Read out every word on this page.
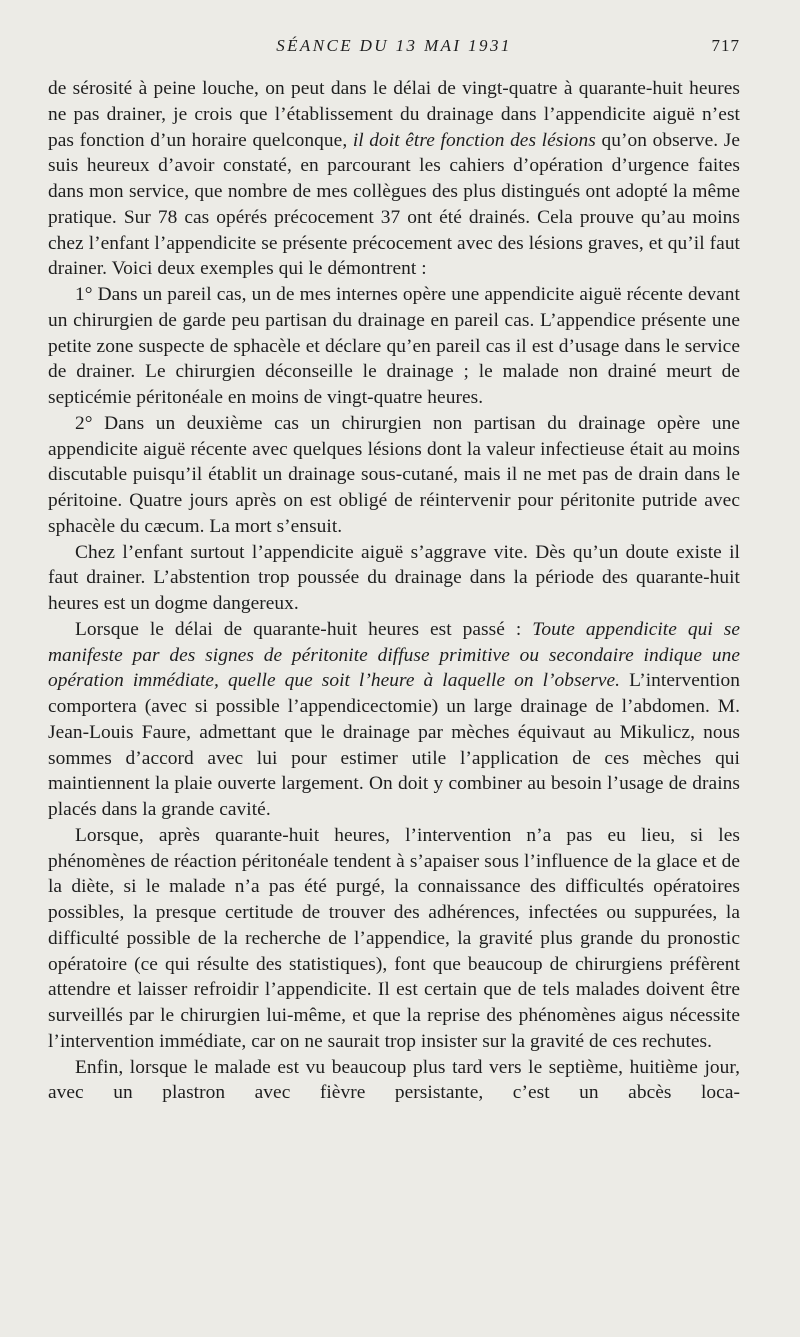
SÉANCE DU 13 MAI 1931	717

de sérosité à peine louche, on peut dans le délai de vingt-quatre à quarante-huit heures ne pas drainer, je crois que l’établissement du drainage dans l’appendicite aiguë n’est pas fonction d’un horaire quelconque, il doit être fonction des lésions qu’on observe. Je suis heureux d’avoir constaté, en parcourant les cahiers d’opération d’urgence faites dans mon service, que nombre de mes collègues des plus distingués ont adopté la même pratique. Sur 78 cas opérés précocement 37 ont été drainés. Cela prouve qu’au moins chez l’enfant l’appendicite se présente précocement avec des lésions graves, et qu’il faut drainer. Voici deux exemples qui le démontrent :

1° Dans un pareil cas, un de mes internes opère une appendicite aiguë récente devant un chirurgien de garde peu partisan du drainage en pareil cas. L’appendice présente une petite zone suspecte de sphacèle et déclare qu’en pareil cas il est d’usage dans le service de drainer. Le chirurgien déconseille le drainage ; le malade non drainé meurt de septicémie péritonéale en moins de vingt-quatre heures.

2° Dans un deuxième cas un chirurgien non partisan du drainage opère une appendicite aiguë récente avec quelques lésions dont la valeur infectieuse était au moins discutable puisqu’il établit un drainage sous-cutané, mais il ne met pas de drain dans le péritoine. Quatre jours après on est obligé de réintervenir pour péritonite putride avec sphacèle du cæcum. La mort s’ensuit.

Chez l’enfant surtout l’appendicite aiguë s’aggrave vite. Dès qu’un doute existe il faut drainer. L’abstention trop poussée du drainage dans la période des quarante-huit heures est un dogme dangereux.

Lorsque le délai de quarante-huit heures est passé : Toute appendicite qui se manifeste par des signes de péritonite diffuse primitive ou secondaire indique une opération immédiate, quelle que soit l’heure à laquelle on l’observe. L’intervention comportera (avec si possible l’appendicectomie) un large drainage de l’abdomen. M. Jean-Louis Faure, admettant que le drainage par mèches équivaut au Mikulicz, nous sommes d’accord avec lui pour estimer utile l’application de ces mèches qui maintiennent la plaie ouverte largement. On doit y combiner au besoin l’usage de drains placés dans la grande cavité.

Lorsque, après quarante-huit heures, l’intervention n’a pas eu lieu, si les phénomènes de réaction péritonéale tendent à s’apaiser sous l’influence de la glace et de la diète, si le malade n’a pas été purgé, la connaissance des difficultés opératoires possibles, la presque certitude de trouver des adhérences, infectées ou suppurées, la difficulté possible de la recherche de l’appendice, la gravité plus grande du pronostic opératoire (ce qui résulte des statistiques), font que beaucoup de chirurgiens préfèrent attendre et laisser refroidir l’appendicite. Il est certain que de tels malades doivent être surveillés par le chirurgien lui-même, et que la reprise des phénomènes aigus nécessite l’intervention immédiate, car on ne saurait trop insister sur la gravité de ces rechutes.

Enfin, lorsque le malade est vu beaucoup plus tard vers le septième, huitième jour, avec un plastron avec fièvre persistante, c’est un abcès loca-
